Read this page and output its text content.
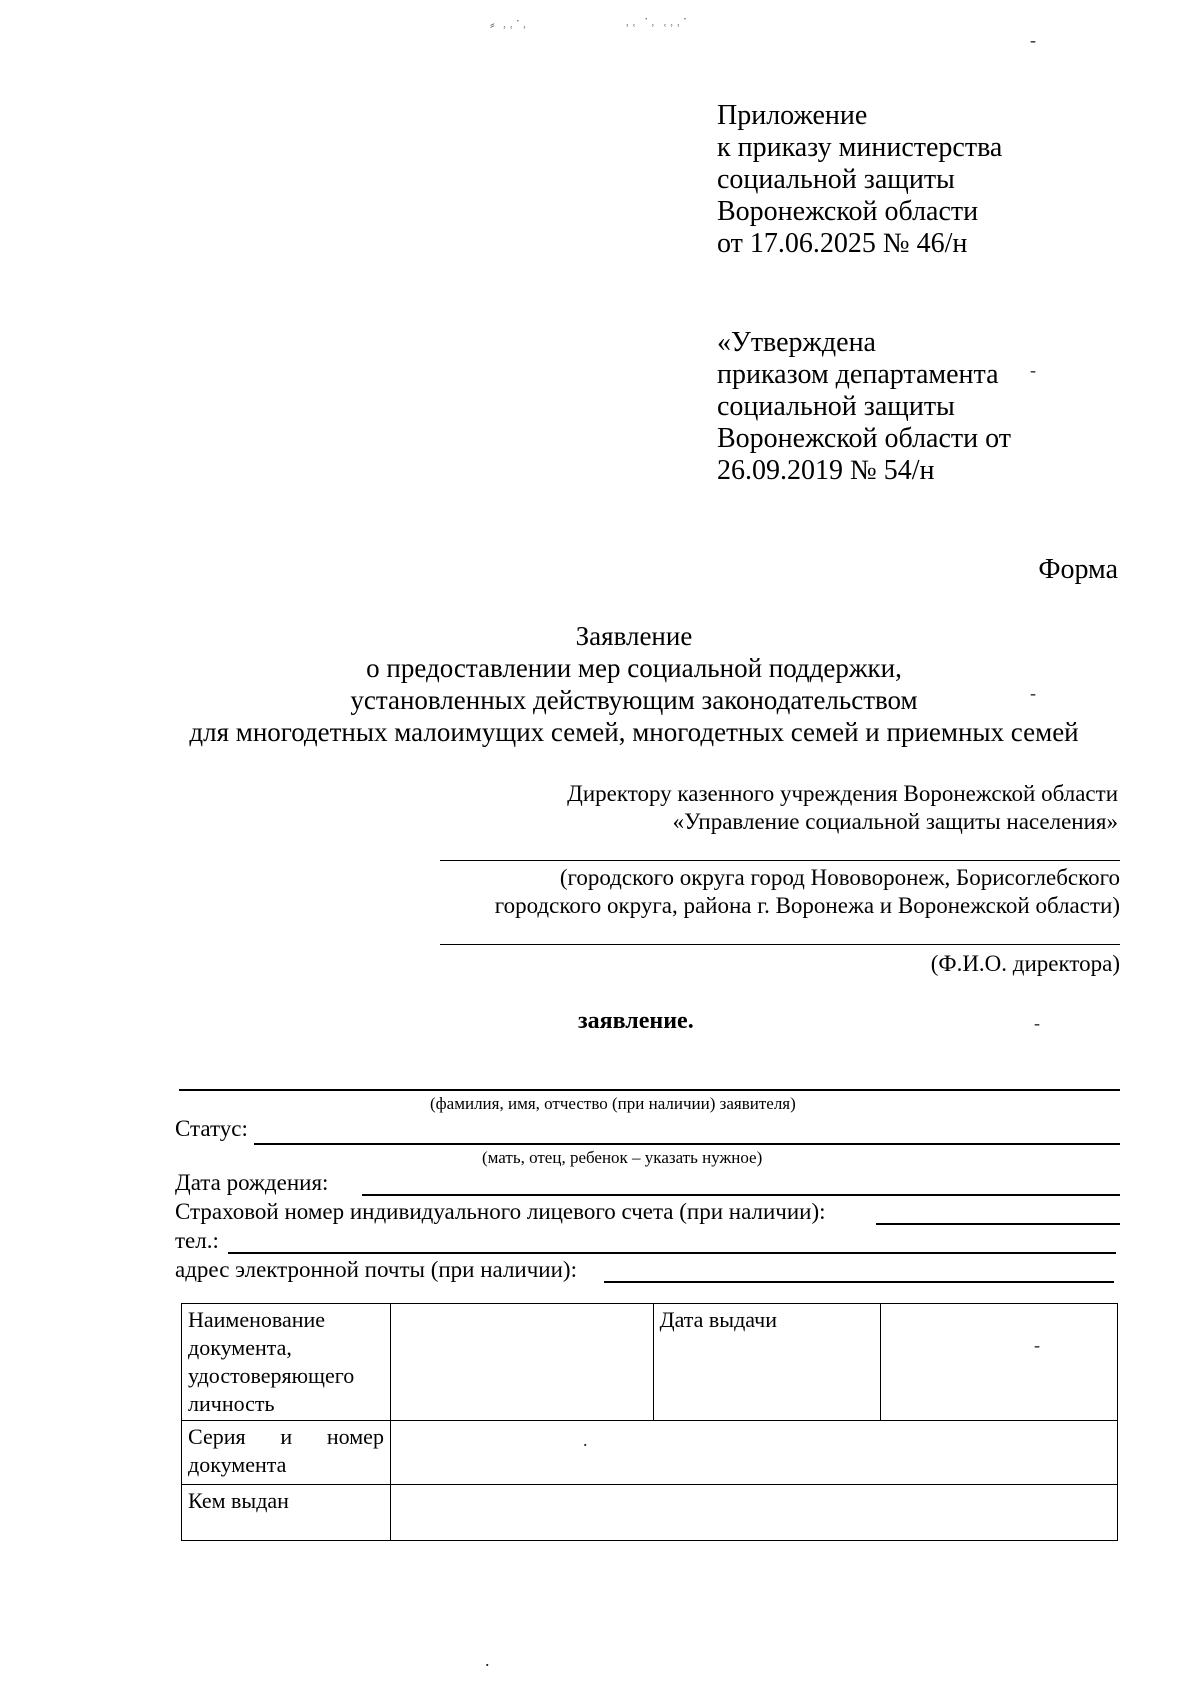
⸗ ˒˓˙˒	˒˓ ˙˒ ˓˒˓˙
‐
‐
‐
‐
‐
.
.
Приложение
к приказу министерства
социальной защиты
Воронежской области
от 17.06.2025 № 46/н
«Утверждена
приказом департамента
социальной защиты
Воронежской области от
26.09.2019 № 54/н
Форма
Заявление
о предоставлении мер социальной поддержки,
установленных действующим законодательством
для многодетных малоимущих семей, многодетных семей и приемных семей
Директору казенного учреждения Воронежской области
«Управление социальной защиты населения»
(городского округа город Нововоронеж, Борисоглебского
городского округа, района г. Воронежа и Воронежской области)
(Ф.И.О. директора)
заявление.
(фамилия, имя, отчество (при наличии) заявителя)
Статус:
(мать, отец, ребенок – указать нужное)
Дата рождения:
Страховой номер индивидуального лицевого счета (при наличии):
тел.:
адрес электронной почты (при наличии):
Наименование документа, удостоверяющего личность		Дата выдачи	
Серия и номер документа			
Кем выдан			
